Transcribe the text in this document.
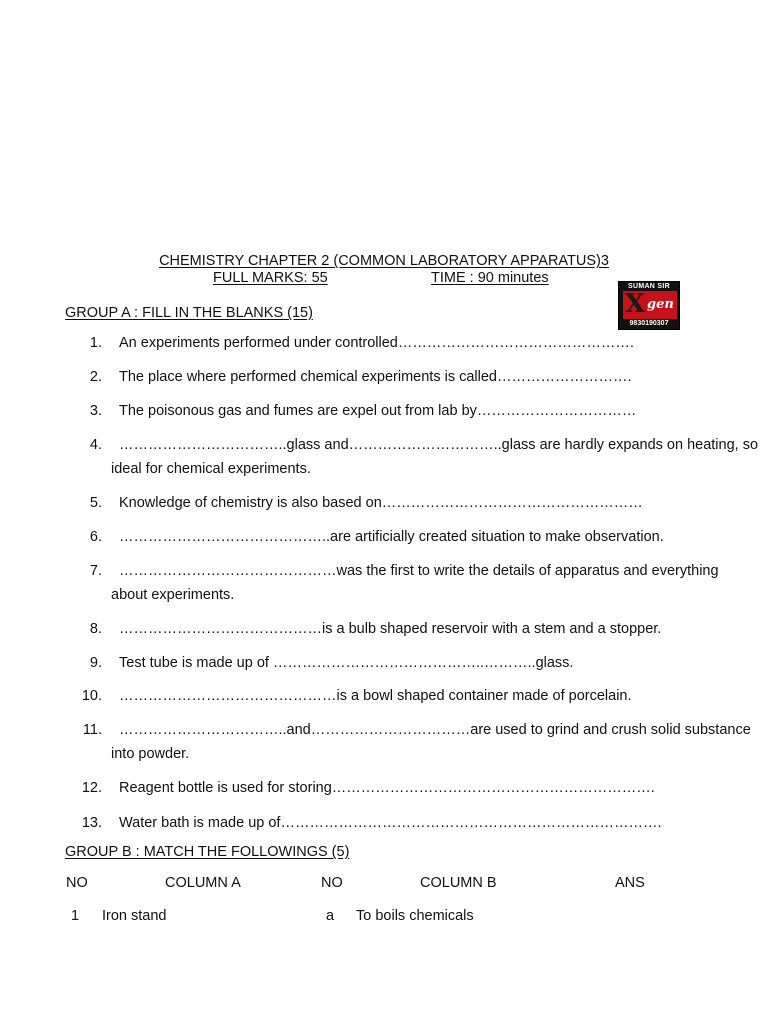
CHEMISTRY CHAPTER 2 (COMMON LABORATORY APPARATUS)3
FULL MARKS: 55	TIME : 90 minutes
SUMAN SIR
X gen
9830190307
GROUP A : FILL IN THE BLANKS (15)
1. An experiments performed under controlled………………………………………….
2. The place where performed chemical experiments is called……………………….
3. The poisonous gas and fumes are expel out from lab by……………………………
4. ……………………………..glass and…………………………..glass are hardly expands on heating, so
ideal for chemical experiments.
5. Knowledge of chemistry is also based on………………………………………………
6. ……………………………………..are artificially created situation to make observation.
7. ………………………………………was the first to write the details of apparatus and everything
about experiments.
8. ……………………………………is a bulb shaped reservoir with a stem and a stopper.
9. Test tube is made up of ……………………………………..………..glass.
10. ………………………………………is a bowl shaped container made of porcelain.
11. ……………………………..and……………………………are used to grind and crush solid substance
into powder.
12. Reagent bottle is used for storing………………………………………………………….
13. Water bath is made up of…………………………………………………………………….
GROUP B : MATCH THE FOLLOWINGS (5)
NO	COLUMN A	NO	COLUMN B	ANS
1 Iron stand	a To boils chemicals
